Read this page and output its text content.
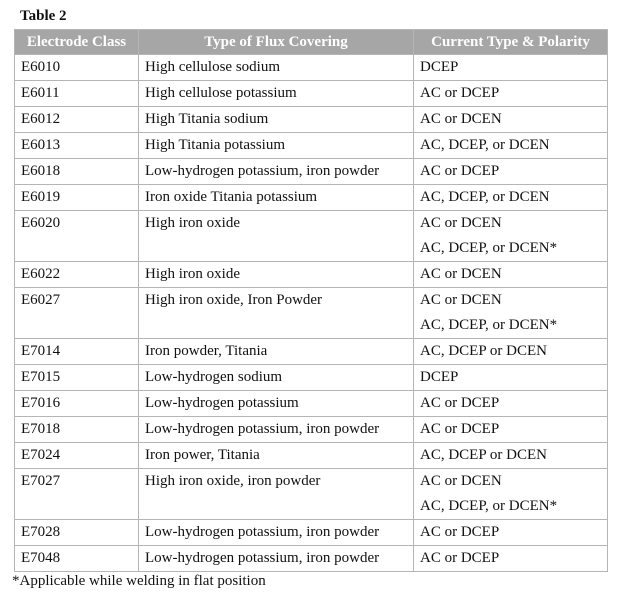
Table 2

Electrode Class	Type of Flux Covering	Current Type & Polarity
E6010	High cellulose sodium	DCEP

E6011	High cellulose potassium	AC or DCEP

E6012	High Titania sodium	AC or DCEN

E6013	High Titania potassium	AC, DCEP, or DCEN

E6018	Low-hydrogen potassium, iron powder	AC or DCEP

E6019	Iron oxide Titania potassium	AC, DCEP, or DCEN

E6020	High iron oxide	AC or DCEN
AC, DCEP, or DCEN*

E6022	High iron oxide	AC or DCEN

E6027	High iron oxide, Iron Powder	AC or DCEN
AC, DCEP, or DCEN*

E7014	Iron powder, Titania	AC, DCEP or DCEN

E7015	Low-hydrogen sodium	DCEP

E7016	Low-hydrogen potassium	AC or DCEP

E7018	Low-hydrogen potassium, iron powder	AC or DCEP

E7024	Iron power, Titania	AC, DCEP or DCEN

E7027	High iron oxide, iron powder	AC or DCEN
AC, DCEP, or DCEN*

E7028	Low-hydrogen potassium, iron powder	AC or DCEP

E7048	Low-hydrogen potassium, iron powder	AC or DCEP

*Applicable while welding in flat position
